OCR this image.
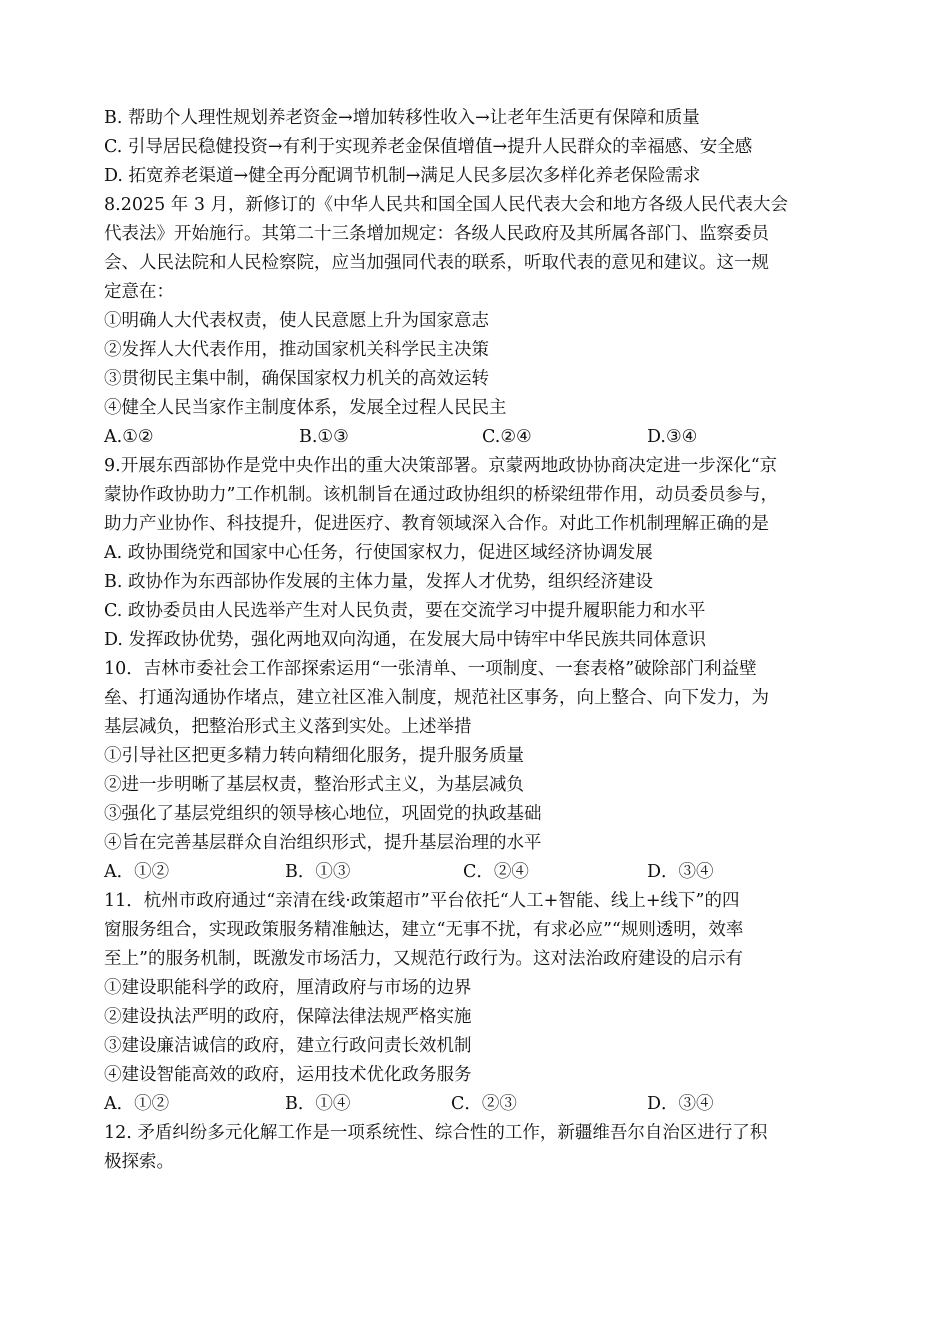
B. 帮助个人理性规划养老资金→增加转移性收入→让老年生活更有保障和质量
C. 引导居民稳健投资→有利于实现养老金保值增值→提升人民群众的幸福感、安全感
D. 拓宽养老渠道→健全再分配调节机制→满足人民多层次多样化养老保险需求
8.2025 年 3 月，新修订的《中华人民共和国全国人民代表大会和地方各级人民代表大会
代表法》开始施行。其第二十三条增加规定：各级人民政府及其所属各部门、监察委员
会、人民法院和人民检察院，应当加强同代表的联系，听取代表的意见和建议。这一规
定意在：
①明确人大代表权责，使人民意愿上升为国家意志
②发挥人大代表作用，推动国家机关科学民主决策
③贯彻民主集中制，确保国家权力机关的高效运转
④健全人民当家作主制度体系，发展全过程人民民主
A.①②	B.①③	C.②④	D.③④
9.开展东西部协作是党中央作出的重大决策部署。京蒙两地政协协商决定进一步深化“京
蒙协作政协助力”工作机制。该机制旨在通过政协组织的桥梁纽带作用，动员委员参与，
助力产业协作、科技提升，促进医疗、教育领域深入合作。对此工作机制理解正确的是
A. 政协围绕党和国家中心任务，行使国家权力，促进区域经济协调发展
B. 政协作为东西部协作发展的主体力量，发挥人才优势，组织经济建设
C. 政协委员由人民选举产生对人民负责，要在交流学习中提升履职能力和水平
D. 发挥政协优势，强化两地双向沟通，在发展大局中铸牢中华民族共同体意识
10．吉林市委社会工作部探索运用“一张清单、一项制度、一套表格”破除部门利益壁
垒、打通沟通协作堵点，建立社区准入制度，规范社区事务，向上整合、向下发力，为
基层减负，把整治形式主义落到实处。上述举措
①引导社区把更多精力转向精细化服务，提升服务质量
②进一步明晰了基层权责，整治形式主义，为基层减负
③强化了基层党组织的领导核心地位，巩固党的执政基础
④旨在完善基层群众自治组织形式，提升基层治理的水平
A．①②	B．①③	C．②④	D．③④
11．杭州市政府通过“亲清在线·政策超市”平台依托“人工+智能、线上+线下”的四
窗服务组合，实现政策服务精准触达，建立“无事不扰，有求必应”“规则透明，效率
至上”的服务机制，既激发市场活力，又规范行政行为。这对法治政府建设的启示有
①建设职能科学的政府，厘清政府与市场的边界
②建设执法严明的政府，保障法律法规严格实施
③建设廉洁诚信的政府，建立行政问责长效机制
④建设智能高效的政府，运用技术优化政务服务
A．①②	B．①④	C．②③	D．③④
12. 矛盾纠纷多元化解工作是一项系统性、综合性的工作，新疆维吾尔自治区进行了积
极探索。
